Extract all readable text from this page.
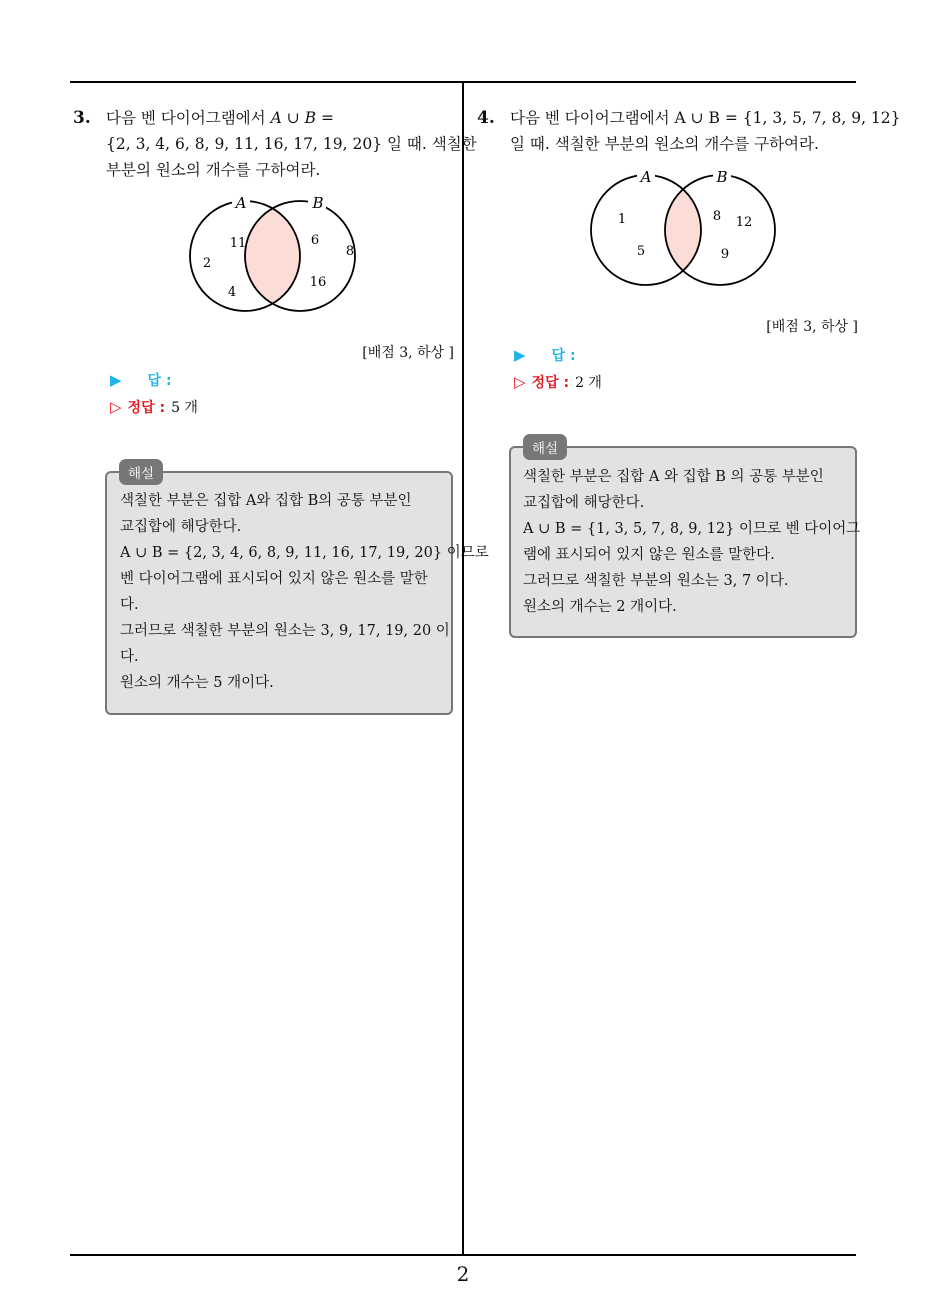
2
3. 다음 벤 다이어그램에서 A ∪ B =
{2, 3, 4, 6, 8, 9, 11, 16, 17, 19, 20} 일 때. 색칠한
부분의 원소의 개수를 구하여라.
A	B
11
2
4
6
8
16
[배점 3, 하상 ]
▶ 답 :
▷ 정답 : 5 개
해설
색칠한 부분은 집합 A와 집합 B의 공통 부분인
교집합에 해당한다.
A ∪ B = {2, 3, 4, 6, 8, 9, 11, 16, 17, 19, 20} 이므로
벤 다이어그램에 표시되어 있지 않은 원소를 말한
다.
그러므로 색칠한 부분의 원소는 3, 9, 17, 19, 20 이
다.
원소의 개수는 5 개이다.
4. 다음 벤 다이어그램에서 A ∪ B = {1, 3, 5, 7, 8, 9, 12}
일 때. 색칠한 부분의 원소의 개수를 구하여라.
A	B
1
5
8 12
9
[배점 3, 하상 ]
▶ 답 :
▷ 정답 : 2 개
해설
색칠한 부분은 집합 A 와 집합 B 의 공통 부분인
교집합에 해당한다.
A ∪ B = {1, 3, 5, 7, 8, 9, 12} 이므로 벤 다이어그
램에 표시되어 있지 않은 원소를 말한다.
그러므로 색칠한 부분의 원소는 3, 7 이다.
원소의 개수는 2 개이다.
